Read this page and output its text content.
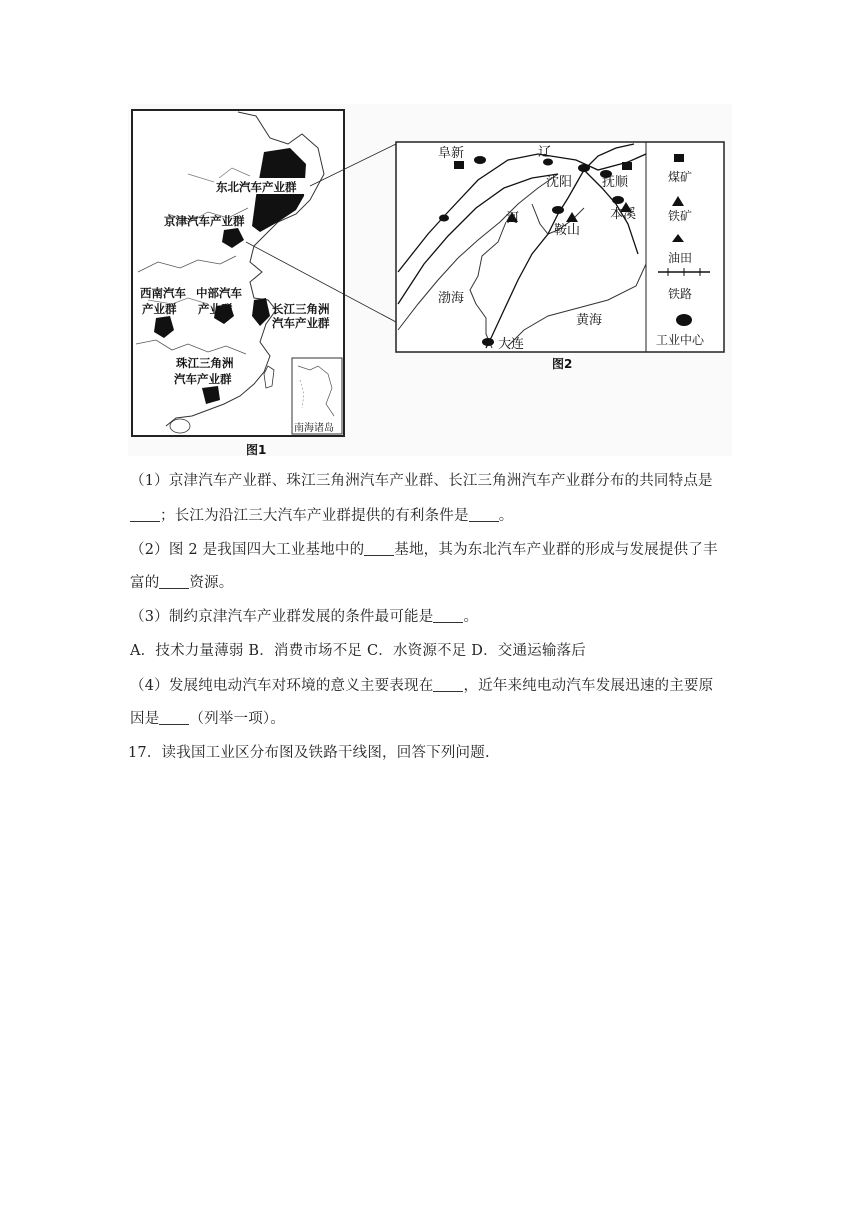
东北汽车产业群
京津汽车产业群
西南汽车
产业群
中部汽车
产业群	长江三角洲
汽车产业群
珠江三角洲
汽车产业群
南海诸岛
图1
阜新	辽
沈阳 抚顺
河
鞍山
本溪
渤海
黄海
大连
煤矿
铁矿
油田
铁路
工业中心
图2
（1）京津汽车产业群、珠江三角洲汽车产业群、长江三角洲汽车产业群分布的共同特点是
；长江为沿江三大汽车产业群提供的有利条件是 。
（2）图 2 是我国四大工业基地中的 基地，其为东北汽车产业群的形成与发展提供了丰
富的 资源。
（3）制约京津汽车产业群发展的条件最可能是 。
A．技术力量薄弱 B．消费市场不足 C．水资源不足 D．交通运输落后
（4）发展纯电动汽车对环境的意义主要表现在 ，近年来纯电动汽车发展迅速的主要原
因是 （列举一项）。
17．读我国工业区分布图及铁路干线图，回答下列问题.
